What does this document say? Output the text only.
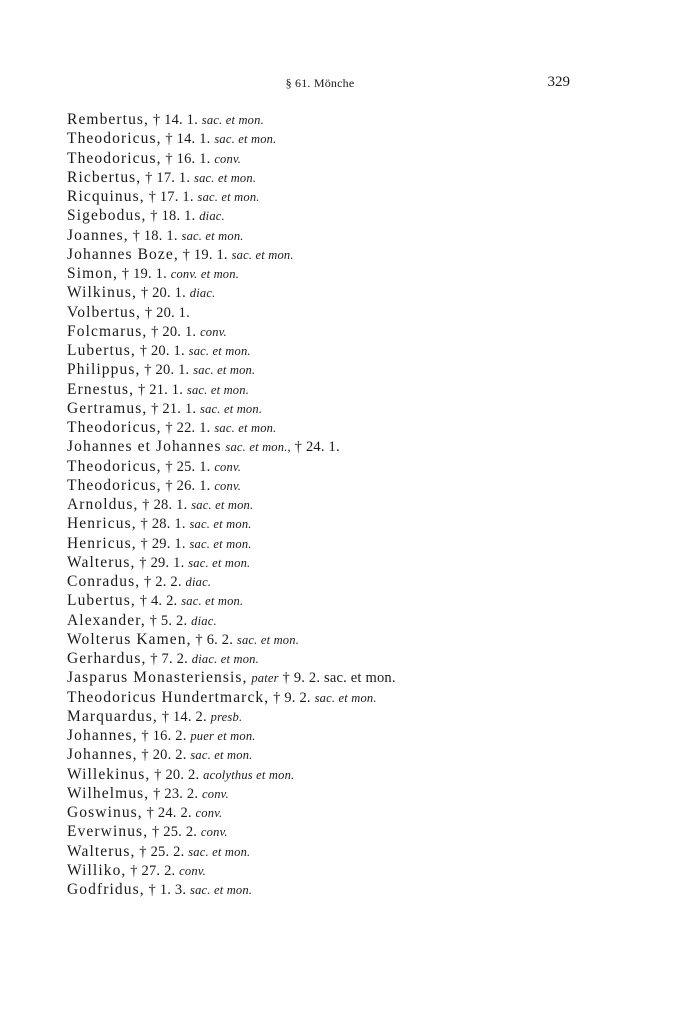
§ 61. Mönche	329
Rembertus, † 14. 1. sac. et mon.
Theodoricus, † 14. 1. sac. et mon.
Theodoricus, † 16. 1. conv.
Ricbertus, † 17. 1. sac. et mon.
Ricquinus, † 17. 1. sac. et mon.
Sigebodus, † 18. 1. diac.
Joannes, † 18. 1. sac. et mon.
Johannes Boze, † 19. 1. sac. et mon.
Simon, † 19. 1. conv. et mon.
Wilkinus, † 20. 1. diac.
Volbertus, † 20. 1.
Folcmarus, † 20. 1. conv.
Lubertus, † 20. 1. sac. et mon.
Philippus, † 20. 1. sac. et mon.
Ernestus, † 21. 1. sac. et mon.
Gertramus, † 21. 1. sac. et mon.
Theodoricus, † 22. 1. sac. et mon.
Johannes et Johannes sac. et mon., † 24. 1.
Theodoricus, † 25. 1. conv.
Theodoricus, † 26. 1. conv.
Arnoldus, † 28. 1. sac. et mon.
Henricus, † 28. 1. sac. et mon.
Henricus, † 29. 1. sac. et mon.
Walterus, † 29. 1. sac. et mon.
Conradus, † 2. 2. diac.
Lubertus, † 4. 2. sac. et mon.
Alexander, † 5. 2. diac.
Wolterus Kamen, † 6. 2. sac. et mon.
Gerhardus, † 7. 2. diac. et mon.
Jasparus Monasteriensis, pater † 9. 2. sac. et mon.
Theodoricus Hundertmarck, † 9. 2. sac. et mon.
Marquardus, † 14. 2. presb.
Johannes, † 16. 2. puer et mon.
Johannes, † 20. 2. sac. et mon.
Willekinus, † 20. 2. acolythus et mon.
Wilhelmus, † 23. 2. conv.
Goswinus, † 24. 2. conv.
Everwinus, † 25. 2. conv.
Walterus, † 25. 2. sac. et mon.
Williko, † 27. 2. conv.
Godfridus, † 1. 3. sac. et mon.
